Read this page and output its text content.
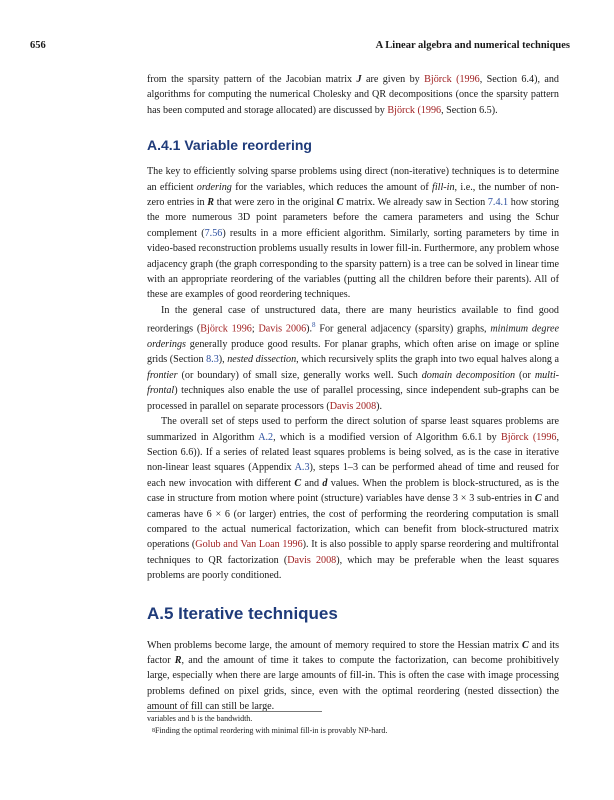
656	A Linear algebra and numerical techniques

from the sparsity pattern of the Jacobian matrix J are given by Björck (1996, Section 6.4), and algorithms for computing the numerical Cholesky and QR decompositions (once the sparsity pattern has been computed and storage allocated) are discussed by Björck (1996, Section 6.5).

A.4.1 Variable reordering

The key to efficiently solving sparse problems using direct (non-iterative) techniques is to determine an efficient ordering for the variables, which reduces the amount of fill-in, i.e., the number of non-zero entries in R that were zero in the original C matrix. We already saw in Section 7.4.1 how storing the more numerous 3D point parameters before the camera parameters and using the Schur complement (7.56) results in a more efficient algorithm. Similarly, sorting parameters by time in video-based reconstruction problems usually results in lower fill-in. Furthermore, any problem whose adjacency graph (the graph corresponding to the sparsity pattern) is a tree can be solved in linear time with an appropriate reordering of the variables (putting all the children before their parents). All of these are examples of good reordering techniques.

In the general case of unstructured data, there are many heuristics available to find good reorderings (Björck 1996; Davis 2006).$^8$ For general adjacency (sparsity) graphs, minimum degree orderings generally produce good results. For planar graphs, which often arise on image or spline grids (Section 8.3), nested dissection, which recursively splits the graph into two equal halves along a frontier (or boundary) of small size, generally works well. Such domain decomposition (or multi-frontal) techniques also enable the use of parallel processing, since independent sub-graphs can be processed in parallel on separate processors (Davis 2008).

The overall set of steps used to perform the direct solution of sparse least squares problems are summarized in Algorithm A.2, which is a modified version of Algorithm 6.6.1 by Björck (1996, Section 6.6)). If a series of related least squares problems is being solved, as is the case in iterative non-linear least squares (Appendix A.3), steps 1–3 can be performed ahead of time and reused for each new invocation with different C and d values. When the problem is block-structured, as is the case in structure from motion where point (structure) variables have dense 3 × 3 sub-entries in C and cameras have 6 × 6 (or larger) entries, the cost of performing the reordering computation is small compared to the actual numerical factorization, which can benefit from block-structured matrix operations (Golub and Van Loan 1996). It is also possible to apply sparse reordering and multifrontal techniques to QR factorization (Davis 2008), which may be preferable when the least squares problems are poorly conditioned.

A.5 Iterative techniques

When problems become large, the amount of memory required to store the Hessian matrix C and its factor R, and the amount of time it takes to compute the factorization, can become prohibitively large, especially when there are large amounts of fill-in. This is often the case with image processing problems defined on pixel grids, since, even with the optimal reordering (nested dissection) the amount of fill can still be large.

variables and b is the bandwidth.
$^8$Finding the optimal reordering with minimal fill-in is provably NP-hard.
